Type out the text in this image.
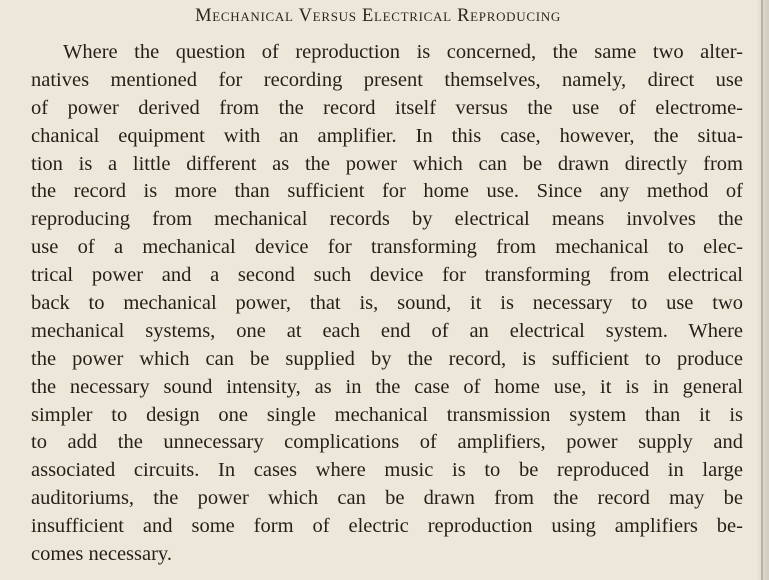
Mechanical Versus Electrical Reproducing
Where the question of reproduction is concerned, the same two alter-
natives mentioned for recording present themselves, namely, direct use
of power derived from the record itself versus the use of electrome-
chanical equipment with an amplifier. In this case, however, the situa-
tion is a little different as the power which can be drawn directly from
the record is more than sufficient for home use. Since any method of
reproducing from mechanical records by electrical means involves the
use of a mechanical device for transforming from mechanical to elec-
trical power and a second such device for transforming from electrical
back to mechanical power, that is, sound, it is necessary to use two
mechanical systems, one at each end of an electrical system. Where
the power which can be supplied by the record, is sufficient to produce
the necessary sound intensity, as in the case of home use, it is in general
simpler to design one single mechanical transmission system than it is
to add the unnecessary complications of amplifiers, power supply and
associated circuits. In cases where music is to be reproduced in large
auditoriums, the power which can be drawn from the record may be
insufficient and some form of electric reproduction using amplifiers be-
comes necessary.
